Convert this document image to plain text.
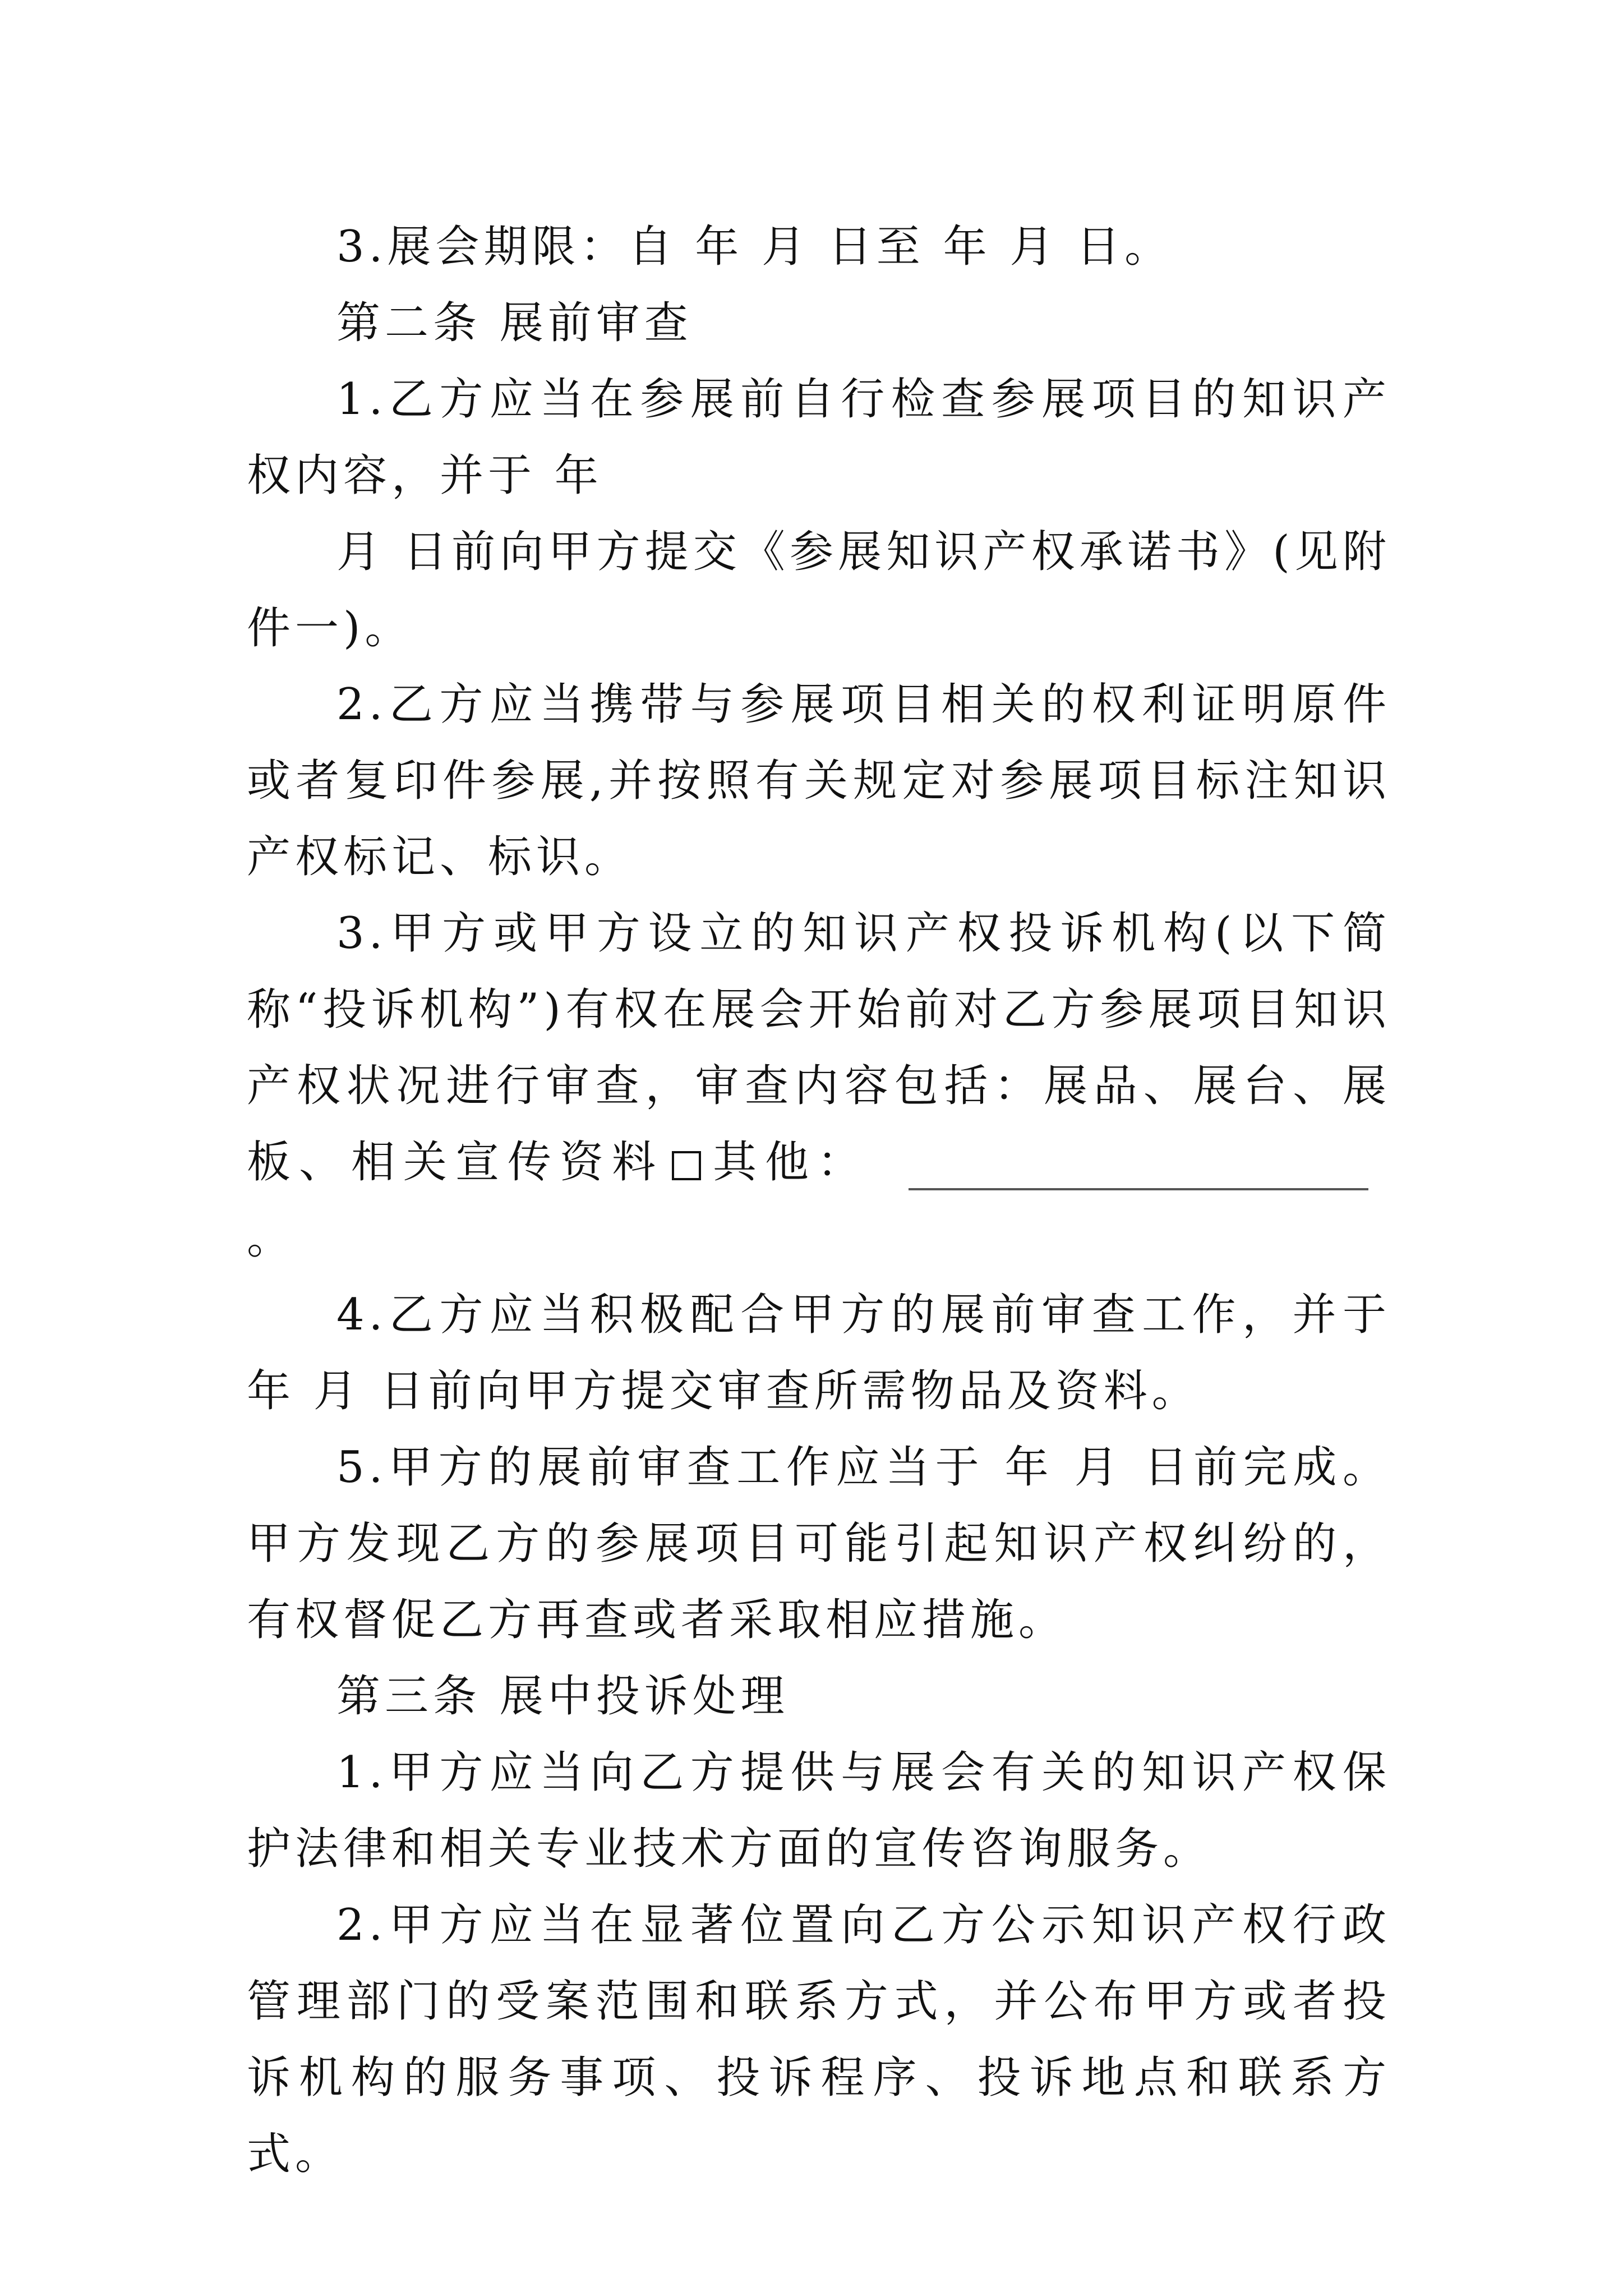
3.展会期限：自 年 月 日至 年 月 日。

第二条 展前审查

1.乙方应当在参展前自行检查参展项目的知识产权内容，并于 年

月 日前向甲方提交《参展知识产权承诺书》(见附件一)。

2.乙方应当携带与参展项目相关的权利证明原件或者复印件参展,并按照有关规定对参展项目标注知识产权标记、标识。

3.甲方或甲方设立的知识产权投诉机构(以下简称“投诉机构”)有权在展会开始前对乙方参展项目知识产权状况进行审查，审查内容包括：展品、展台、展板、相关宣传资料 其他：。

4.乙方应当积极配合甲方的展前审查工作，并于 年 月 日前向甲方提交审查所需物品及资料。

5.甲方的展前审查工作应当于 年 月 日前完成。甲方发现乙方的参展项目可能引起知识产权纠纷的，有权督促乙方再查或者采取相应措施。

第三条 展中投诉处理

1.甲方应当向乙方提供与展会有关的知识产权保护法律和相关专业技术方面的宣传咨询服务。

2.甲方应当在显著位置向乙方公示知识产权行政管理部门的受案范围和联系方式，并公布甲方或者投诉机构的服务事项、投诉程序、投诉地点和联系方式。
